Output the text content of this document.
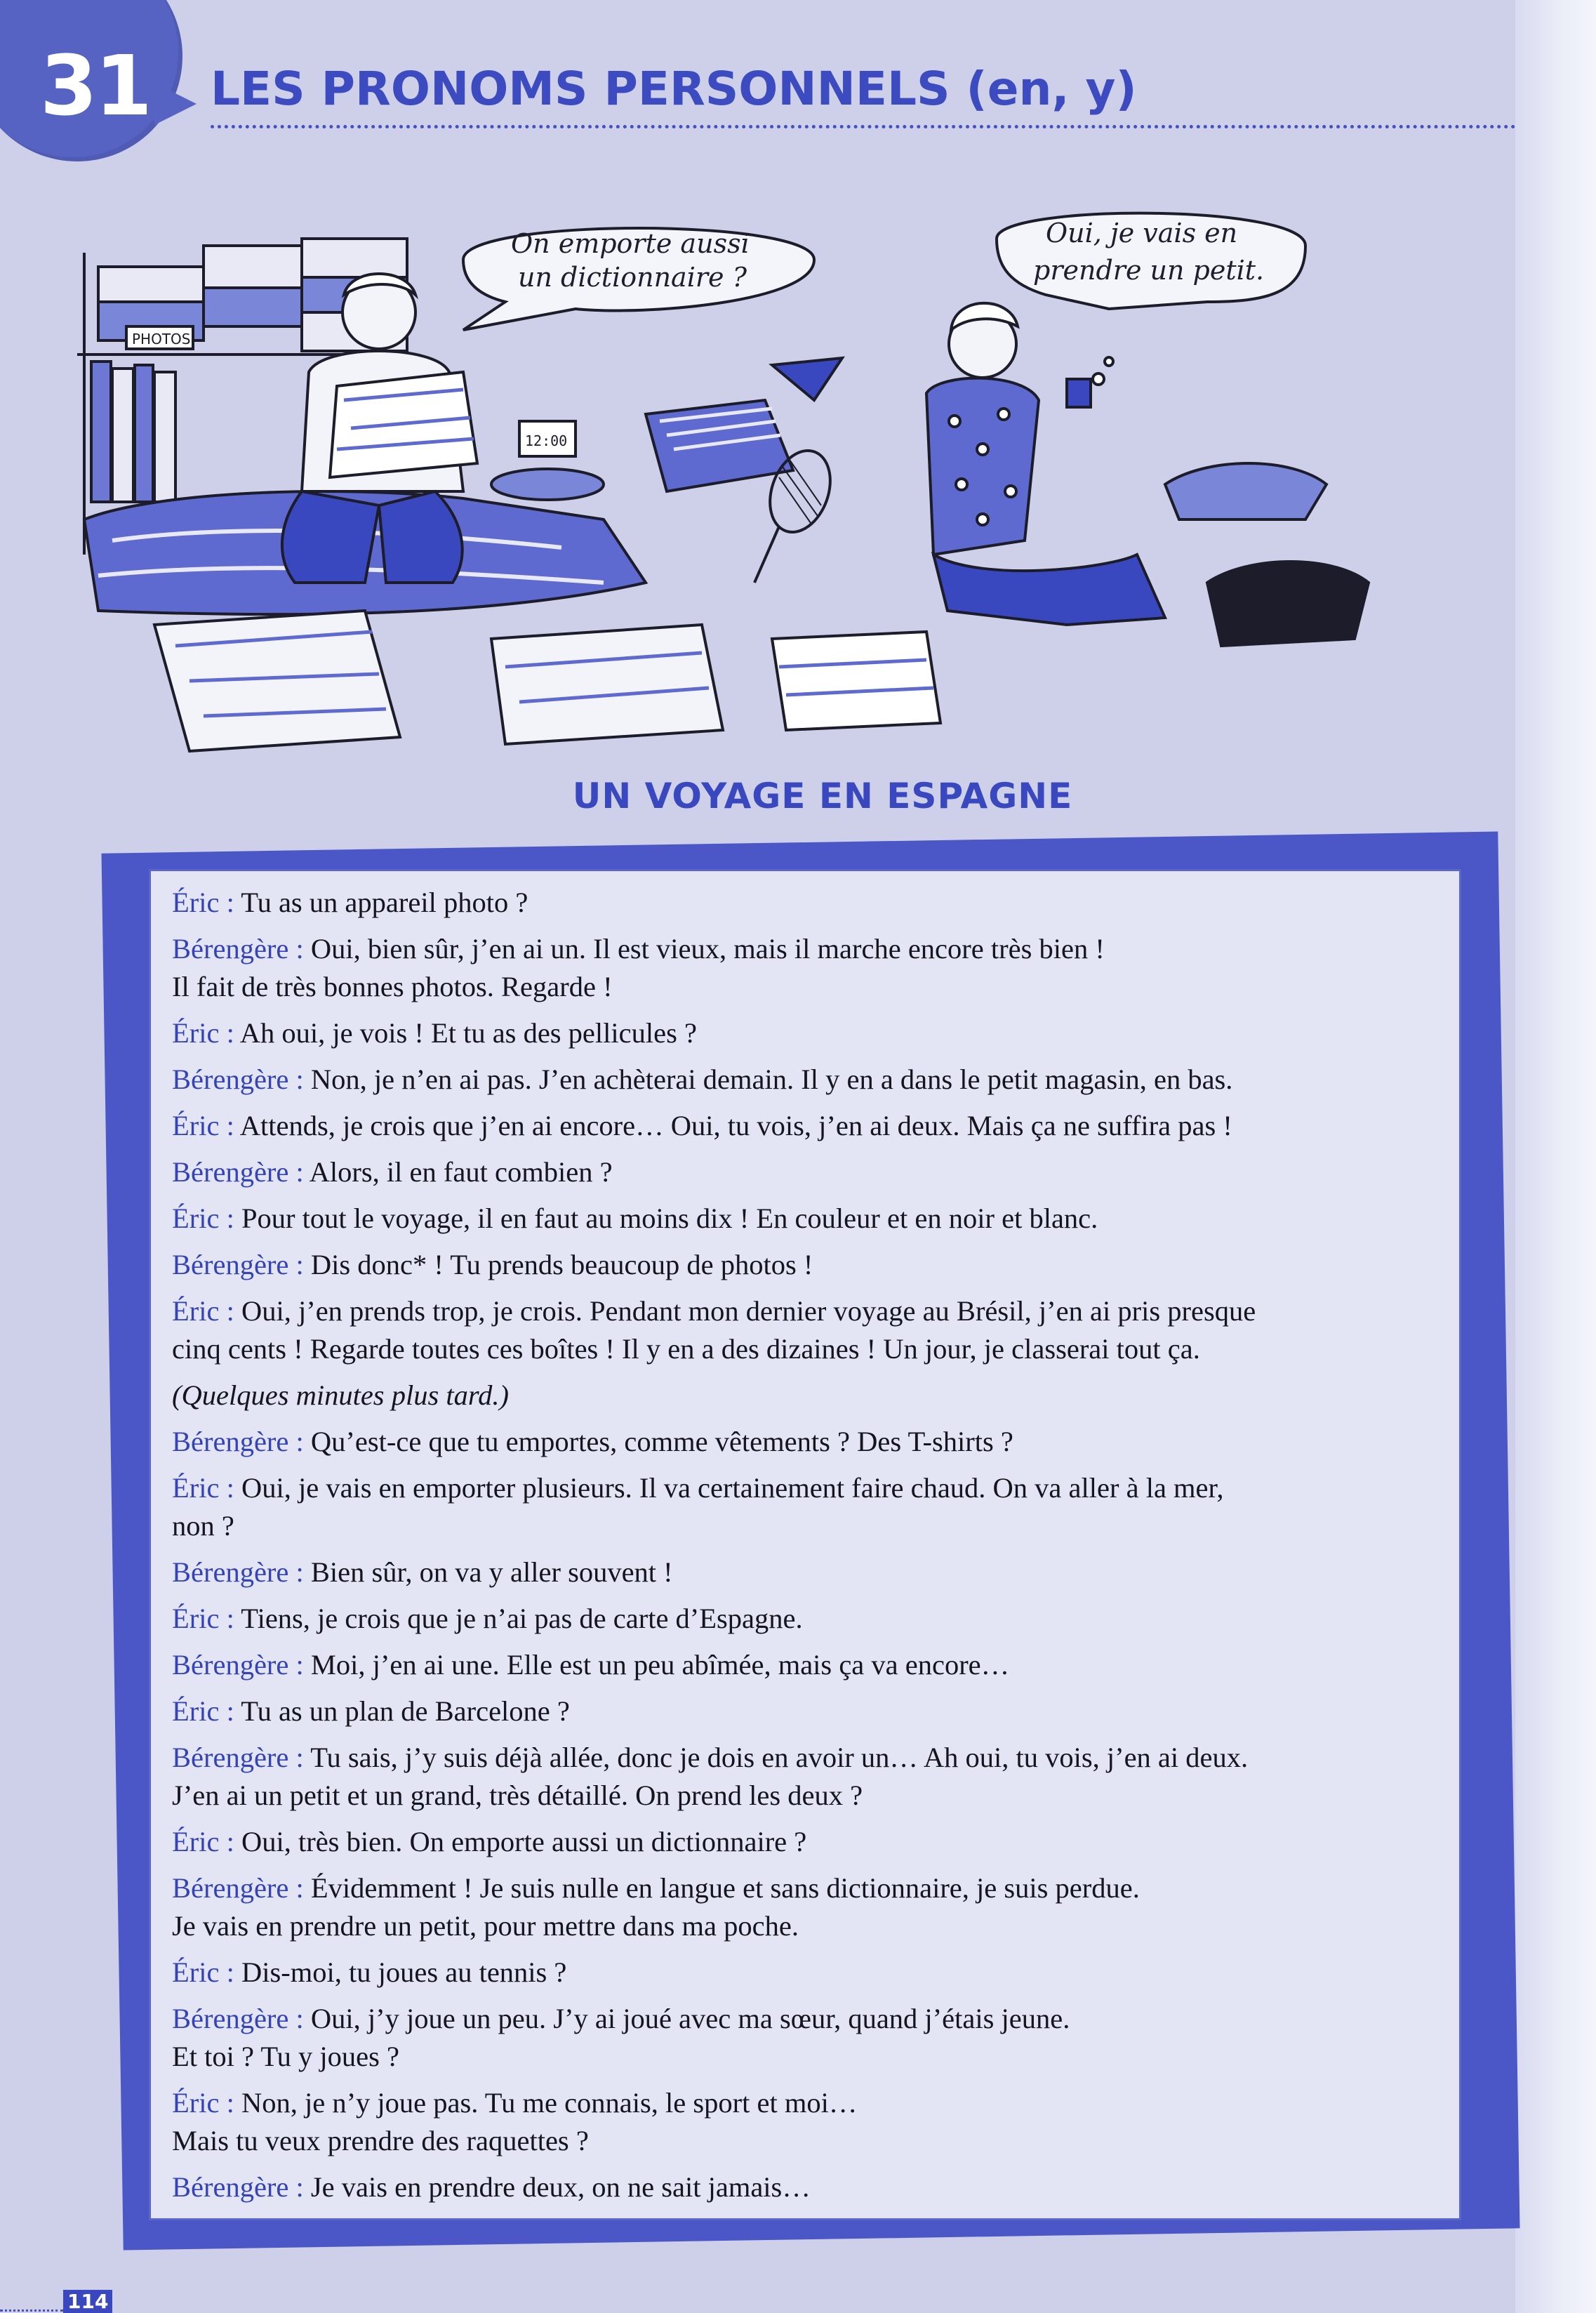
31	LES PRONOMS PERSONNELS (en, y)
PHOTOS
12:00
On emporte aussi
un dictionnaire ?
Oui, je vais en
prendre un petit.
UN VOYAGE EN ESPAGNE
Éric : Tu as un appareil photo ?
Bérengère : Oui, bien sûr, j’en ai un. Il est vieux, mais il marche encore très bien !
Il fait de très bonnes photos. Regarde !
Éric : Ah oui, je vois ! Et tu as des pellicules ?
Bérengère : Non, je n’en ai pas. J’en achèterai demain. Il y en a dans le petit magasin, en bas.
Éric : Attends, je crois que j’en ai encore… Oui, tu vois, j’en ai deux. Mais ça ne suffira pas !
Bérengère : Alors, il en faut combien ?
Éric : Pour tout le voyage, il en faut au moins dix ! En couleur et en noir et blanc.
Bérengère : Dis donc* ! Tu prends beaucoup de photos !
Éric : Oui, j’en prends trop, je crois. Pendant mon dernier voyage au Brésil, j’en ai pris presque
cinq cents ! Regarde toutes ces boîtes ! Il y en a des dizaines ! Un jour, je classerai tout ça.
(Quelques minutes plus tard.)
Bérengère : Qu’est-ce que tu emportes, comme vêtements ? Des T-shirts ?
Éric : Oui, je vais en emporter plusieurs. Il va certainement faire chaud. On va aller à la mer,
non ?
Bérengère : Bien sûr, on va y aller souvent !
Éric : Tiens, je crois que je n’ai pas de carte d’Espagne.
Bérengère : Moi, j’en ai une. Elle est un peu abîmée, mais ça va encore…
Éric : Tu as un plan de Barcelone ?
Bérengère : Tu sais, j’y suis déjà allée, donc je dois en avoir un… Ah oui, tu vois, j’en ai deux.
J’en ai un petit et un grand, très détaillé. On prend les deux ?
Éric : Oui, très bien. On emporte aussi un dictionnaire ?
Bérengère : Évidemment ! Je suis nulle en langue et sans dictionnaire, je suis perdue.
Je vais en prendre un petit, pour mettre dans ma poche.
Éric : Dis-moi, tu joues au tennis ?
Bérengère : Oui, j’y joue un peu. J’y ai joué avec ma sœur, quand j’étais jeune.
Et toi ? Tu y joues ?
Éric : Non, je n’y joue pas. Tu me connais, le sport et moi…
Mais tu veux prendre des raquettes ?
Bérengère : Je vais en prendre deux, on ne sait jamais…
114
